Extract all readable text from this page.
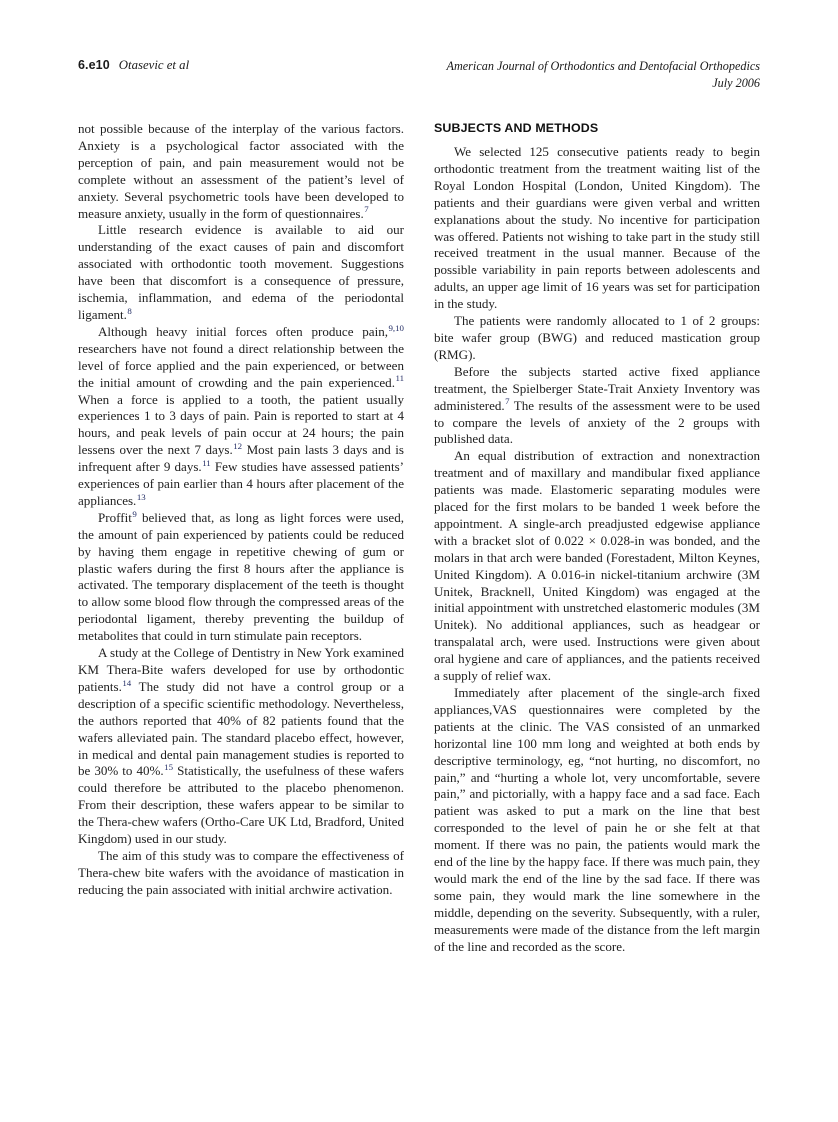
6.e10 Otasevic et al	American Journal of Orthodontics and Dentofacial Orthopedics
July 2006

not possible because of the interplay of the various factors. Anxiety is a psychological factor associated with the perception of pain, and pain measurement would not be complete without an assessment of the patient’s level of anxiety. Several psychometric tools have been developed to measure anxiety, usually in the form of questionnaires.$^7$

Little research evidence is available to aid our understanding of the exact causes of pain and discomfort associated with orthodontic tooth movement. Suggestions have been that discomfort is a consequence of pressure, ischemia, inflammation, and edema of the periodontal ligament.$^8$

Although heavy initial forces often produce pain,$^{9,10}$ researchers have not found a direct relationship between the level of force applied and the pain experienced, or between the initial amount of crowding and the pain experienced.$^{11}$ When a force is applied to a tooth, the patient usually experiences 1 to 3 days of pain. Pain is reported to start at 4 hours, and peak levels of pain occur at 24 hours; the pain lessens over the next 7 days.$^{12}$ Most pain lasts 3 days and is infrequent after 9 days.$^{11}$ Few studies have assessed patients’ experiences of pain earlier than 4 hours after placement of the appliances.$^{13}$

Proffit$^9$ believed that, as long as light forces were used, the amount of pain experienced by patients could be reduced by having them engage in repetitive chewing of gum or plastic wafers during the first 8 hours after the appliance is activated. The temporary displacement of the teeth is thought to allow some blood flow through the compressed areas of the periodontal ligament, thereby preventing the buildup of metabolites that could in turn stimulate pain receptors.

A study at the College of Dentistry in New York examined KM Thera-Bite wafers developed for use by orthodontic patients.$^{14}$ The study did not have a control group or a description of a specific scientific methodology. Nevertheless, the authors reported that 40% of 82 patients found that the wafers alleviated pain. The standard placebo effect, however, in medical and dental pain management studies is reported to be 30% to 40%.$^{15}$ Statistically, the usefulness of these wafers could therefore be attributed to the placebo phenomenon. From their description, these wafers appear to be similar to the Thera-chew wafers (Ortho-Care UK Ltd, Bradford, United Kingdom) used in our study.

The aim of this study was to compare the effectiveness of Thera-chew bite wafers with the avoidance of mastication in reducing the pain associated with initial archwire activation.

SUBJECTS AND METHODS

We selected 125 consecutive patients ready to begin orthodontic treatment from the treatment waiting list of the Royal London Hospital (London, United Kingdom). The patients and their guardians were given verbal and written explanations about the study. No incentive for participation was offered. Patients not wishing to take part in the study still received treatment in the usual manner. Because of the possible variability in pain reports between adolescents and adults, an upper age limit of 16 years was set for participation in the study.

The patients were randomly allocated to 1 of 2 groups: bite wafer group (BWG) and reduced mastication group (RMG).

Before the subjects started active fixed appliance treatment, the Spielberger State-Trait Anxiety Inventory was administered.$^7$ The results of the assessment were to be used to compare the levels of anxiety of the 2 groups with published data.

An equal distribution of extraction and nonextraction treatment and of maxillary and mandibular fixed appliance patients was made. Elastomeric separating modules were placed for the first molars to be banded 1 week before the appointment. A single-arch preadjusted edgewise appliance with a bracket slot of 0.022 × 0.028-in was bonded, and the molars in that arch were banded (Forestadent, Milton Keynes, United Kingdom). A 0.016-in nickel-titanium archwire (3M Unitek, Bracknell, United Kingdom) was engaged at the initial appointment with unstretched elastomeric modules (3M Unitek). No additional appliances, such as headgear or transpalatal arch, were used. Instructions were given about oral hygiene and care of appliances, and the patients received a supply of relief wax.

Immediately after placement of the single-arch fixed appliances,VAS questionnaires were completed by the patients at the clinic. The VAS consisted of an unmarked horizontal line 100 mm long and weighted at both ends by descriptive terminology, eg, “not hurting, no discomfort, no pain,” and “hurting a whole lot, very uncomfortable, severe pain,” and pictorially, with a happy face and a sad face. Each patient was asked to put a mark on the line that best corresponded to the level of pain he or she felt at that moment. If there was no pain, the patients would mark the end of the line by the happy face. If there was much pain, they would mark the end of the line by the sad face. If there was some pain, they would mark the line somewhere in the middle, depending on the severity. Subsequently, with a ruler, measurements were made of the distance from the left margin of the line and recorded as the score.
